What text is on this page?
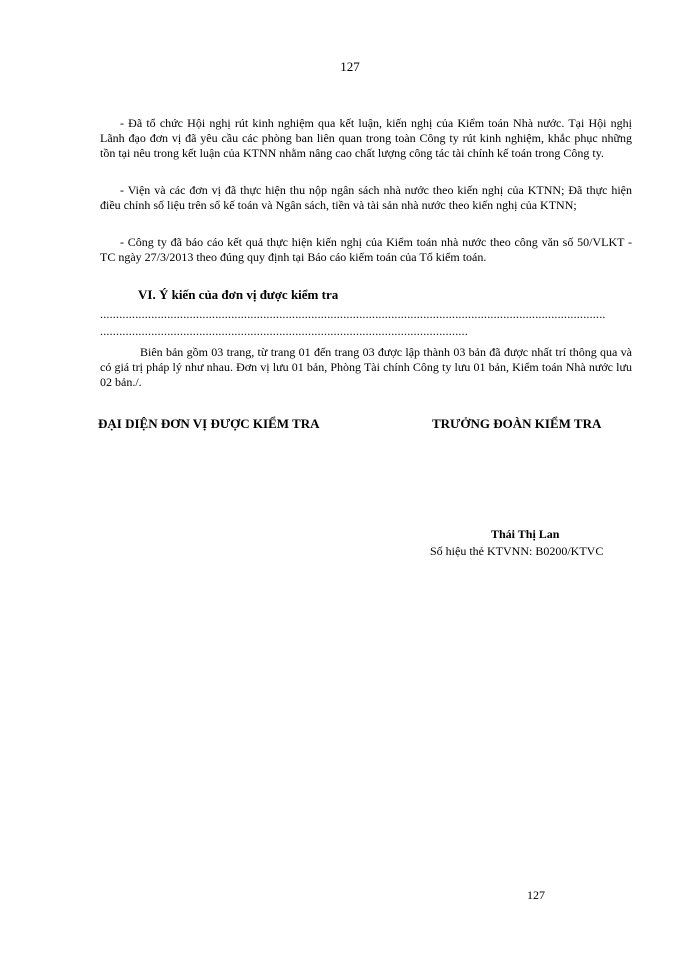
127
- Đã tổ chức Hội nghị rút kinh nghiệm qua kết luận, kiến nghị của Kiểm toán Nhà nước. Tại Hội nghị Lãnh đạo đơn vị đã yêu cầu các phòng ban liên quan trong toàn Công ty rút kinh nghiệm, khắc phục những tồn tại nêu trong kết luận của KTNN nhằm nâng cao chất lượng công tác tài chính kế toán trong Công ty.
- Viện và các đơn vị đã thực hiện thu nộp ngân sách nhà nước theo kiến nghị của KTNN; Đã thực hiện điều chỉnh số liệu trên sổ kế toán và Ngân sách, tiền và tài sản nhà nước theo kiến nghị của KTNN;
- Công ty đã báo cáo kết quả thực hiện kiến nghị của Kiểm toán nhà nước theo công văn số 50/VLKT - TC ngày 27/3/2013 theo đúng quy định tại Báo cáo kiểm toán của Tổ kiểm toán.
VI. Ý kiến của đơn vị được kiểm tra
..............................................................................................................................................................
...................................................................................................................
Biên bản gồm 03 trang, từ trang 01 đến trang 03 được lập thành 03 bản đã được nhất trí thông qua và có giá trị pháp lý như nhau. Đơn vị lưu 01 bản, Phòng Tài chính Công ty lưu 01 bản, Kiểm toán Nhà nước lưu 02 bản./.
ĐẠI DIỆN ĐƠN VỊ ĐƯỢC KIỂM TRA	TRƯỞNG ĐOÀN KIỂM TRA
Thái Thị Lan
Số hiệu thẻ KTVNN: B0200/KTVC
127
